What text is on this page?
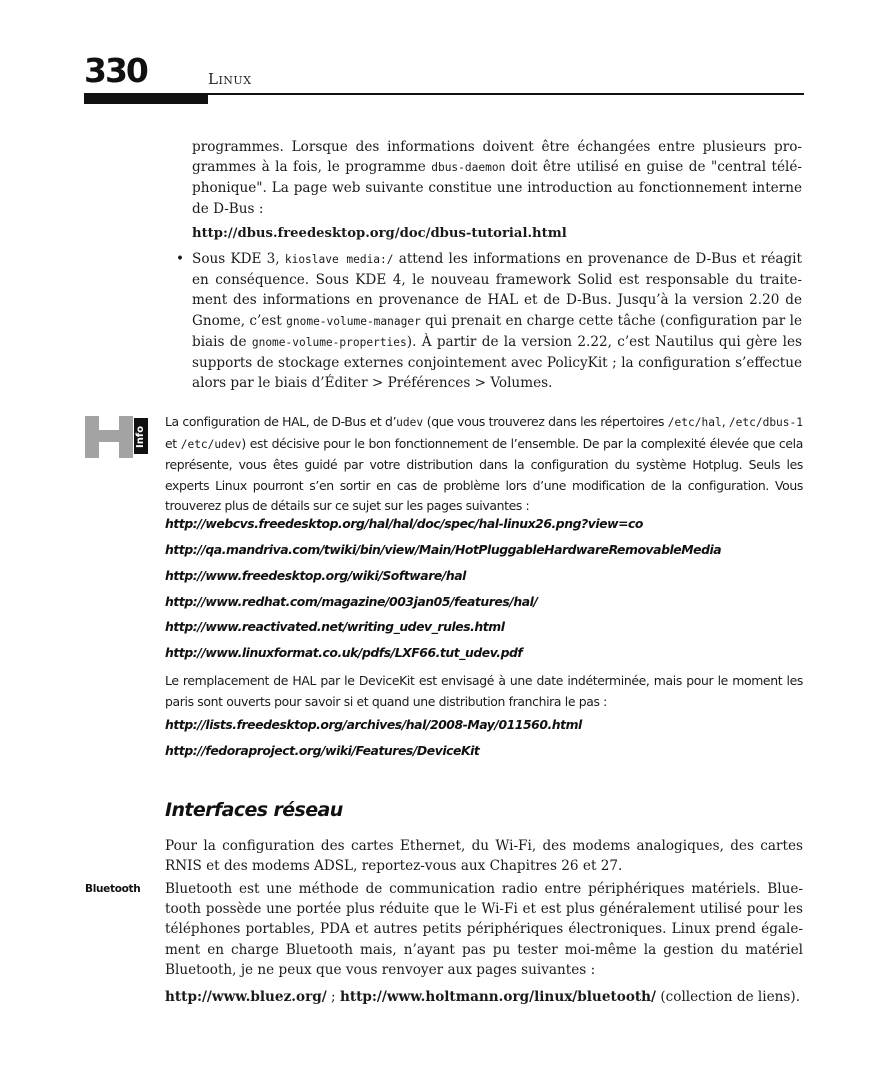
330	Linux

programmes. Lorsque des informations doivent être échangées entre plusieurs pro-grammes à la fois, le programme dbus-daemon doit être utilisé en guise de "central télé-phonique". La page web suivante constitue une introduction au fonctionnement interne de D-Bus :

http://dbus.freedesktop.org/doc/dbus-tutorial.html
• Sous KDE 3, kioslave media:/ attend les informations en provenance de D-Bus et réagit en conséquence. Sous KDE 4, le nouveau framework Solid est responsable du traite-ment des informations en provenance de HAL et de D-Bus. Jusqu’à la version 2.20 de Gnome, c’est gnome-volume-manager qui prenait en charge cette tâche (configuration par le biais de gnome-volume-properties). À partir de la version 2.22, c’est Nautilus qui gère les supports de stockage externes conjointement avec PolicyKit ; la configuration s’effectue alors par le biais d’Éditer > Préférences > Volumes.

Info

La configuration de HAL, de D-Bus et d’udev (que vous trouverez dans les répertoires /etc/hal, /etc/dbus-1 et /etc/udev) est décisive pour le bon fonctionnement de l’ensemble. De par la complexité élevée que cela représente, vous êtes guidé par votre distribution dans la configuration du système Hotplug. Seuls les experts Linux pourront s’en sortir en cas de problème lors d’une modification de la configuration. Vous trouverez plus de détails sur ce sujet sur les pages suivantes :

http://webcvs.freedesktop.org/hal/hal/doc/spec/hal-linux26.png?view=co
http://qa.mandriva.com/twiki/bin/view/Main/HotPluggableHardwareRemovableMedia
http://www.freedesktop.org/wiki/Software/hal
http://www.redhat.com/magazine/003jan05/features/hal/
http://www.reactivated.net/writing_udev_rules.html
http://www.linuxformat.co.uk/pdfs/LXF66.tut_udev.pdf

Le remplacement de HAL par le DeviceKit est envisagé à une date indéterminée, mais pour le moment les paris sont ouverts pour savoir si et quand une distribution franchira le pas :

http://lists.freedesktop.org/archives/hal/2008-May/011560.html
http://fedoraproject.org/wiki/Features/DeviceKit
Interfaces réseau

Pour la configuration des cartes Ethernet, du Wi-Fi, des modems analogiques, des cartes RNIS et des modems ADSL, reportez-vous aux Chapitres 26 et 27.

Bluetooth Bluetooth est une méthode de communication radio entre périphériques matériels. Blue-tooth possède une portée plus réduite que le Wi-Fi et est plus généralement utilisé pour les téléphones portables, PDA et autres petits périphériques électroniques. Linux prend égale-ment en charge Bluetooth mais, n’ayant pas pu tester moi-même la gestion du matériel Bluetooth, je ne peux que vous renvoyer aux pages suivantes :

http://www.bluez.org/ ; http://www.holtmann.org/linux/bluetooth/ (collection de liens).
